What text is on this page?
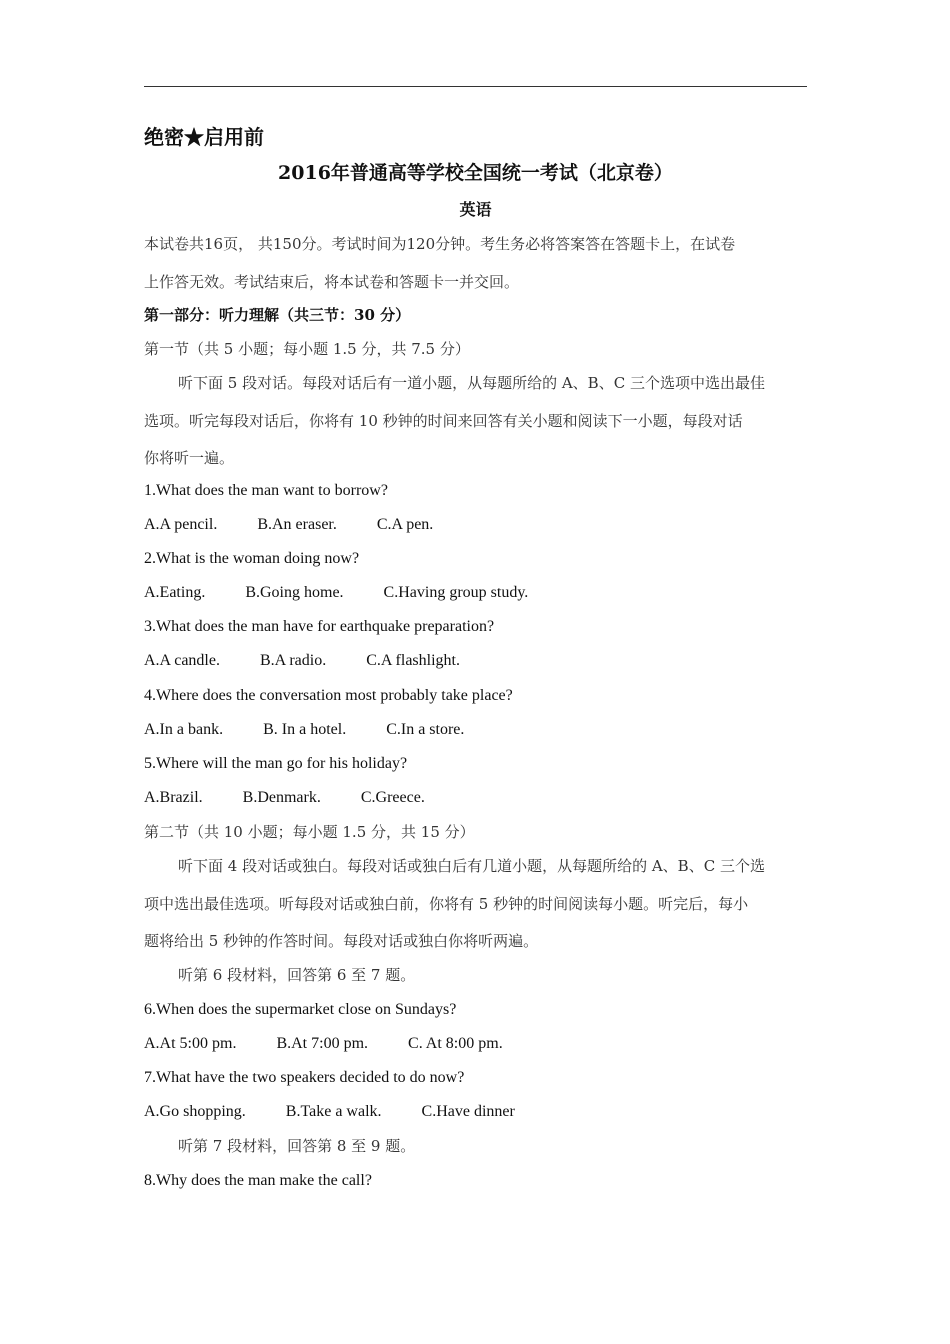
绝密★启用前
2016年普通高等学校全国统一考试（北京卷）
英语
本试卷共16页， 共150分。考试时间为120分钟。考生务必将答案答在答题卡上，在试卷
上作答无效。考试结束后，将本试卷和答题卡一并交回。
第一部分：听力理解（共三节：30 分）
第一节（共 5 小题；每小题 1.5 分，共 7.5 分）
听下面 5 段对话。每段对话后有一道小题，从每题所给的 A、B、C 三个选项中选出最佳
选项。听完每段对话后，你将有 10 秒钟的时间来回答有关小题和阅读下一小题，每段对话
你将听一遍。
1.What does the man want to borrow?
A.A pencil.	B.An eraser.	C.A pen.
2.What is the woman doing now?
A.Eating.	B.Going home.	C.Having group study.
3.What does the man have for earthquake preparation?
A.A candle.	B.A radio.	C.A flashlight.
4.Where does the conversation most probably take place?
A.In a bank.	B. In a hotel.	C.In a store.
5.Where will the man go for his holiday?
A.Brazil.	B.Denmark.	C.Greece.
第二节（共 10 小题；每小题 1.5 分，共 15 分）
听下面 4 段对话或独白。每段对话或独白后有几道小题，从每题所给的 A、B、C 三个选
项中选出最佳选项。听每段对话或独白前，你将有 5 秒钟的时间阅读每小题。听完后，每小
题将给出 5 秒钟的作答时间。每段对话或独白你将听两遍。
听第 6 段材料，回答第 6 至 7 题。
6.When does the supermarket close on Sundays?
A.At 5:00 pm.	B.At 7:00 pm.	C. At 8:00 pm.
7.What have the two speakers decided to do now?
A.Go shopping.	B.Take a walk.	C.Have dinner
听第 7 段材料，回答第 8 至 9 题。
8.Why does the man make the call?
